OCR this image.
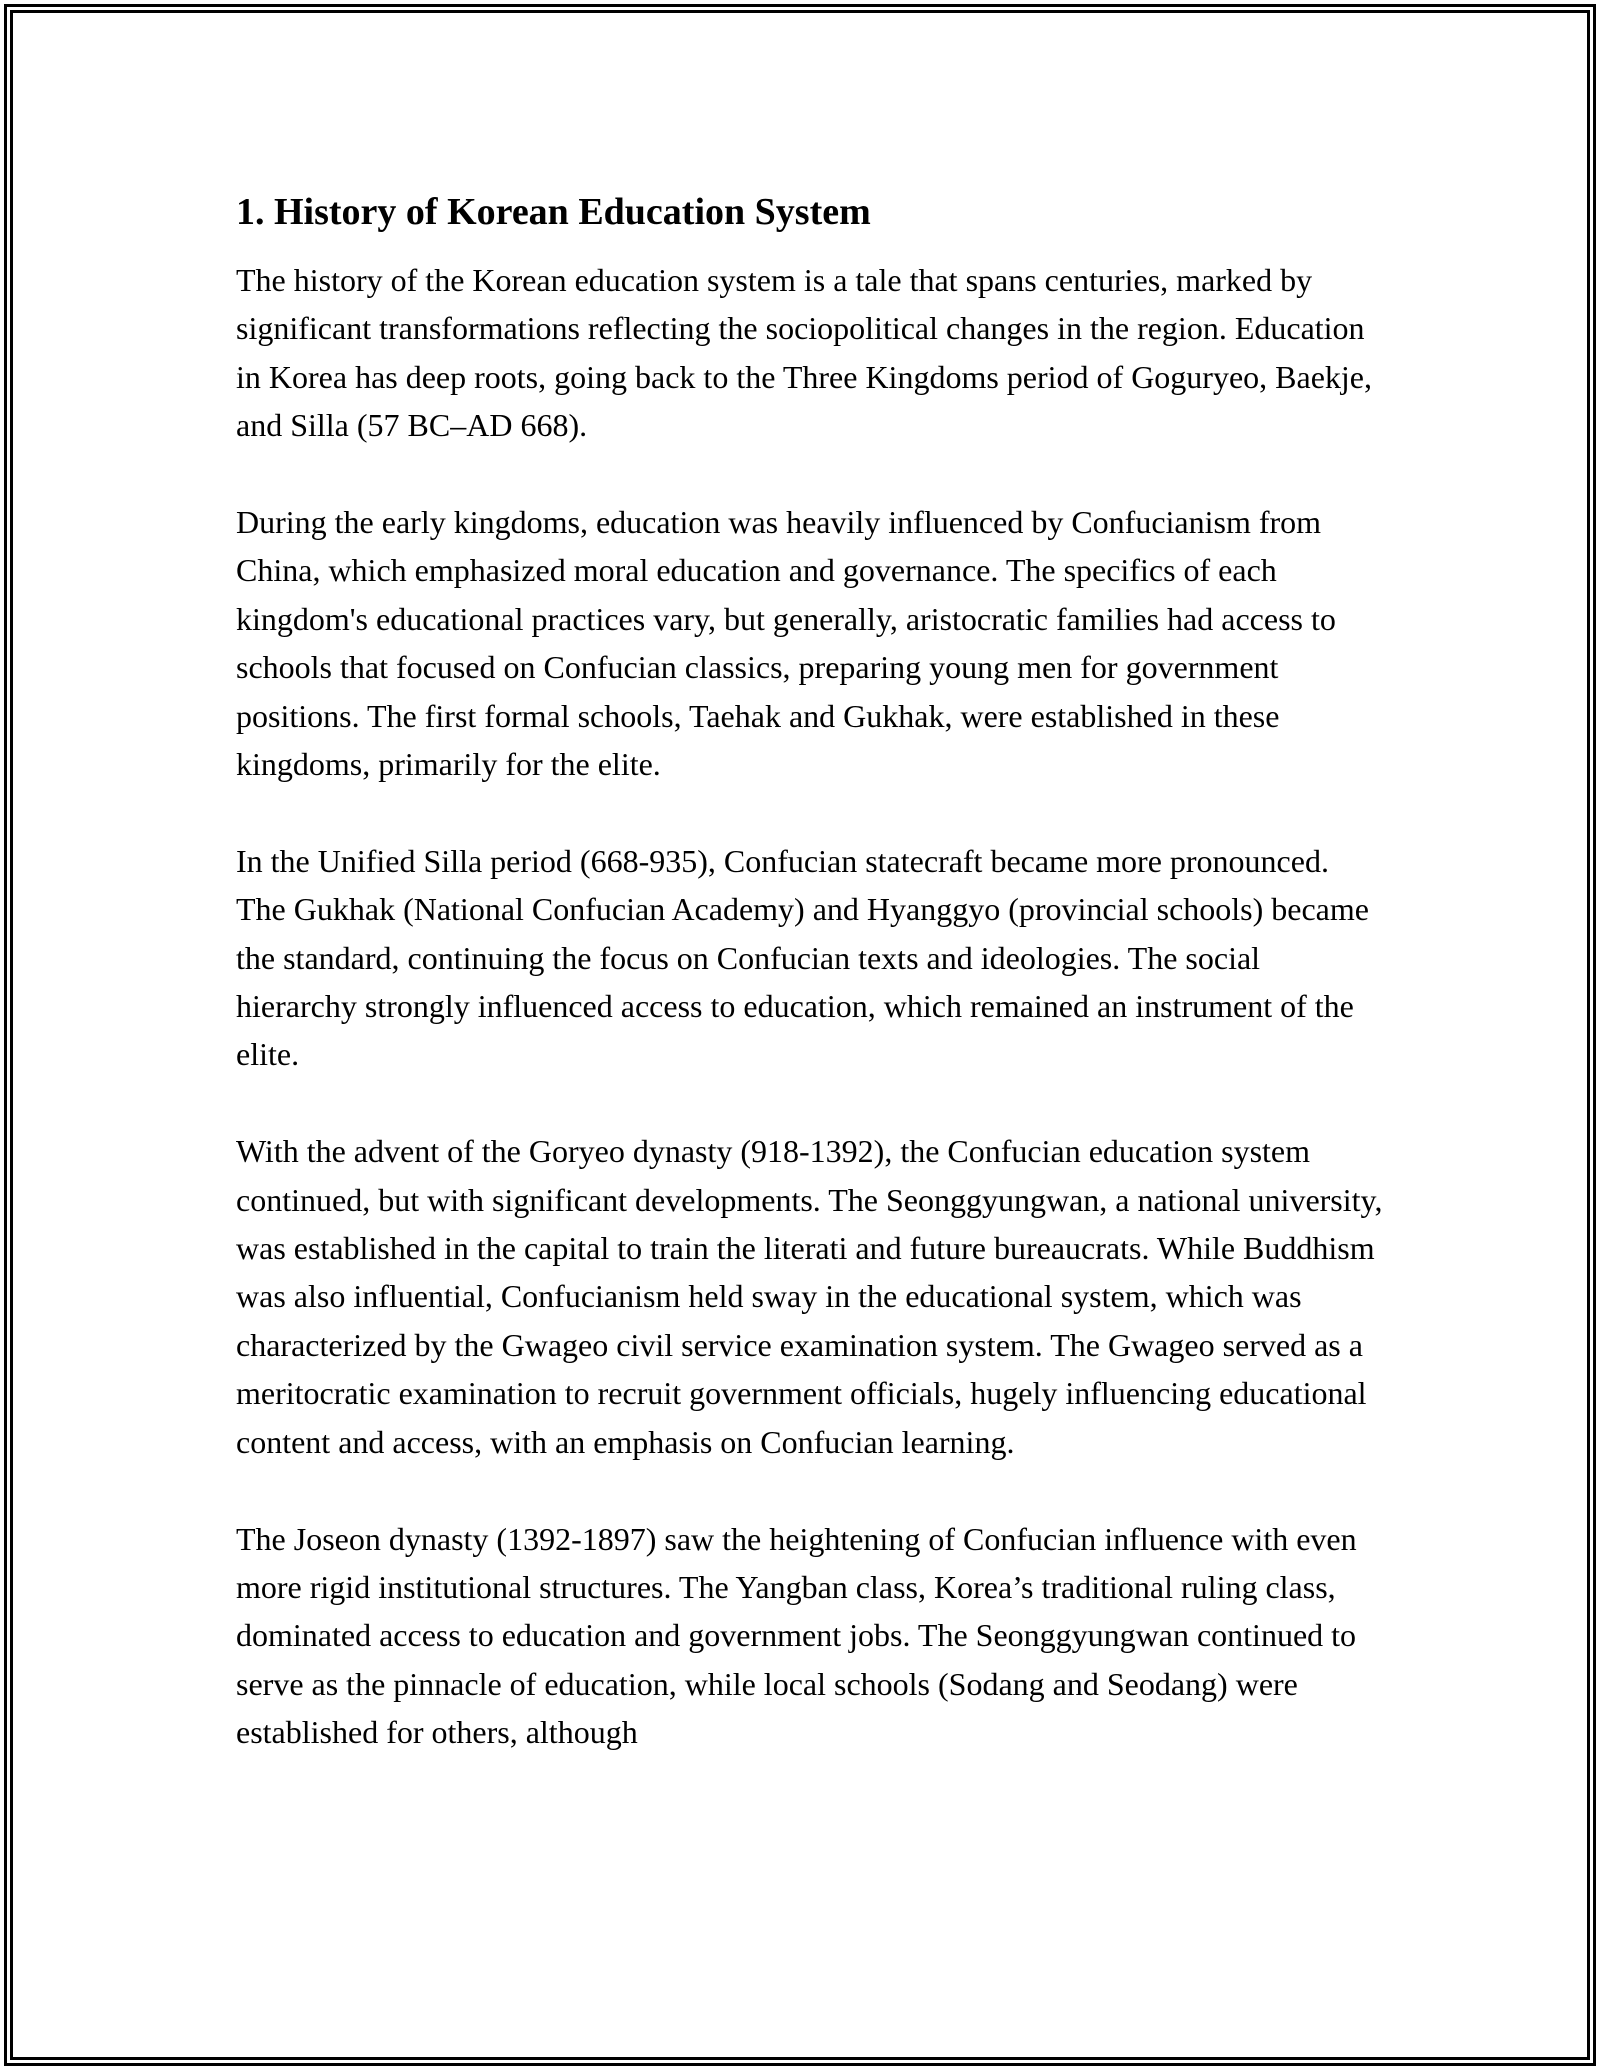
1. History of Korean Education System

The history of the Korean education system is a tale that spans centuries, marked by significant transformations reflecting the sociopolitical changes in the region. Education in Korea has deep roots, going back to the Three Kingdoms period of Goguryeo, Baekje, and Silla (57 BC–AD 668).

During the early kingdoms, education was heavily influenced by Confucianism from China, which emphasized moral education and governance. The specifics of each kingdom's educational practices vary, but generally, aristocratic families had access to schools that focused on Confucian classics, preparing young men for government positions. The first formal schools, Taehak and Gukhak, were established in these kingdoms, primarily for the elite.

In the Unified Silla period (668-935), Confucian statecraft became more pronounced. The Gukhak (National Confucian Academy) and Hyanggyo (provincial schools) became the standard, continuing the focus on Confucian texts and ideologies. The social hierarchy strongly influenced access to education, which remained an instrument of the elite.

With the advent of the Goryeo dynasty (918-1392), the Confucian education system continued, but with significant developments. The Seonggyungwan, a national university, was established in the capital to train the literati and future bureaucrats. While Buddhism was also influential, Confucianism held sway in the educational system, which was characterized by the Gwageo civil service examination system. The Gwageo served as a meritocratic examination to recruit government officials, hugely influencing educational content and access, with an emphasis on Confucian learning.

The Joseon dynasty (1392-1897) saw the heightening of Confucian influence with even more rigid institutional structures. The Yangban class, Korea’s traditional ruling class, dominated access to education and government jobs. The Seonggyungwan continued to serve as the pinnacle of education, while local schools (Sodang and Seodang) were established for others, although
